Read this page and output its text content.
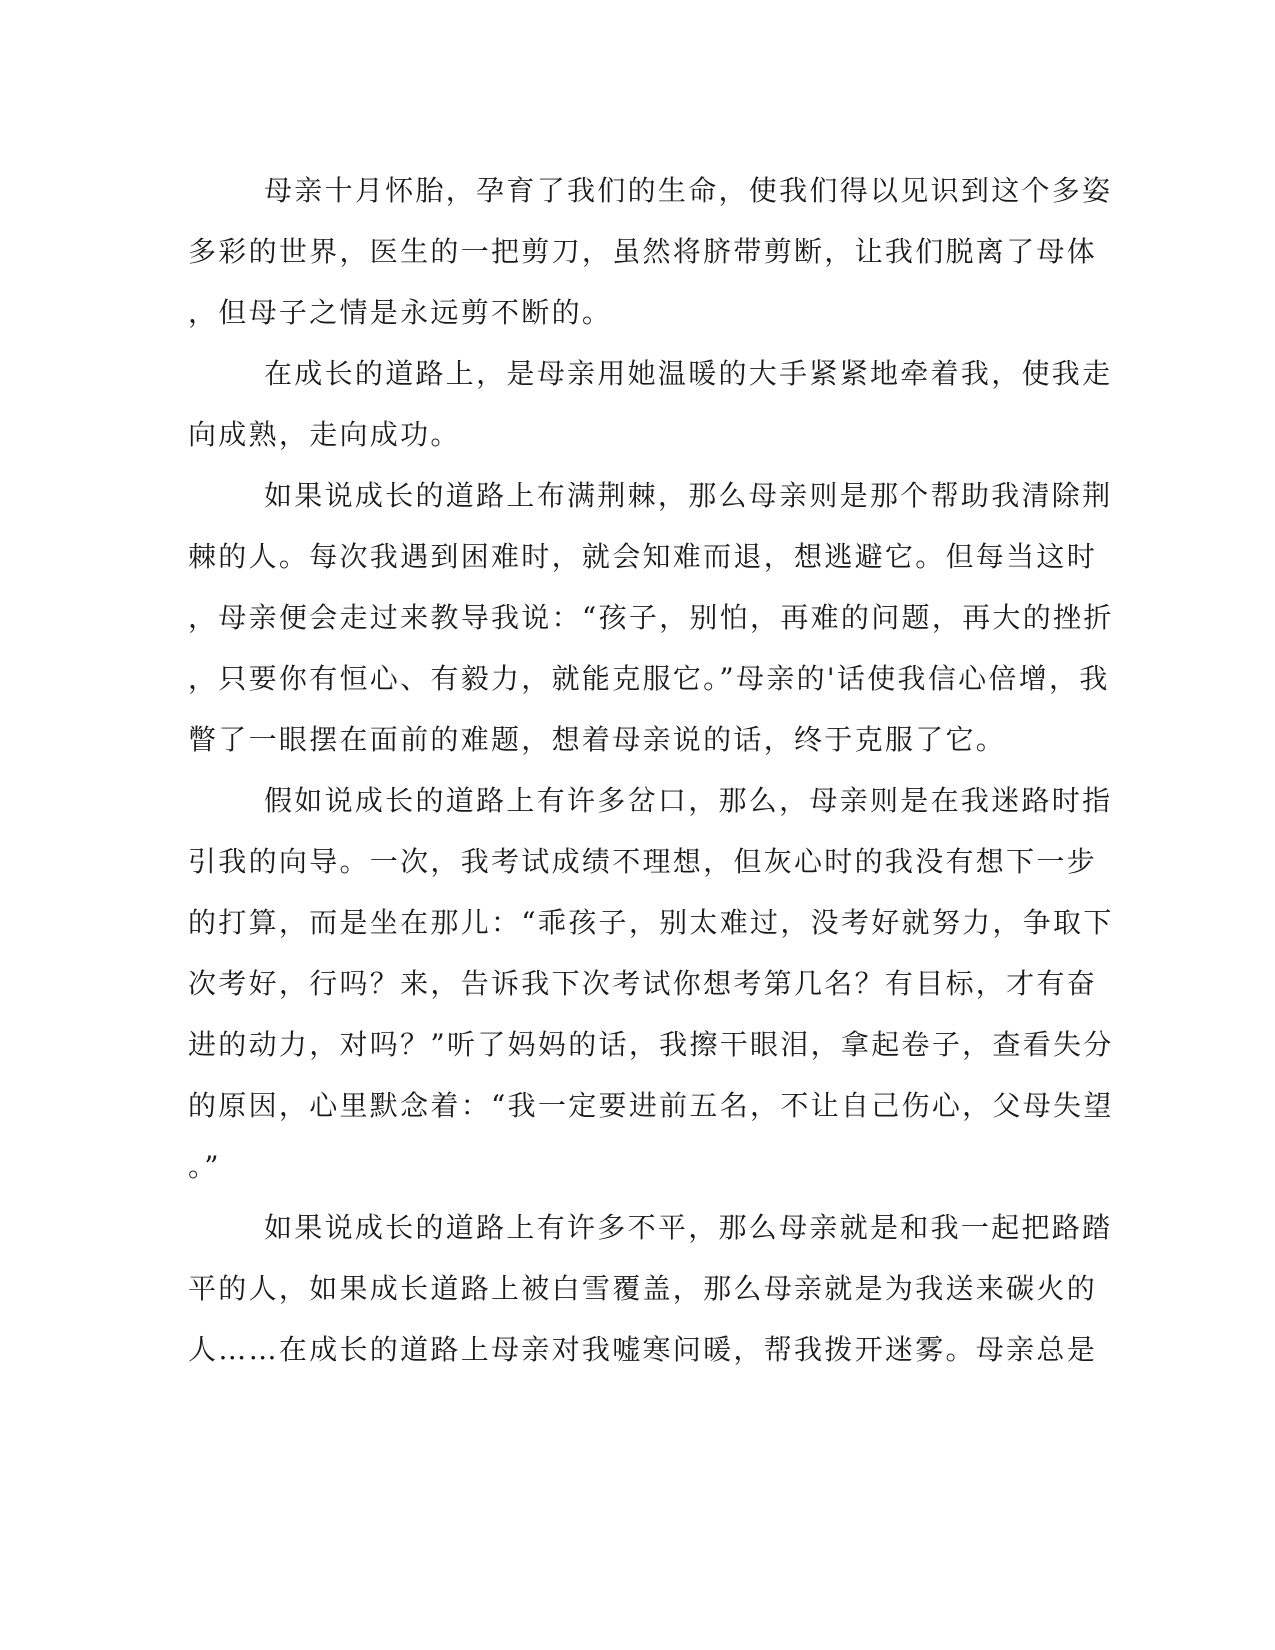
母亲十月怀胎，孕育了我们的生命，使我们得以见识到这个多姿
多彩的世界，医生的一把剪刀，虽然将脐带剪断，让我们脱离了母体
，但母子之情是永远剪不断的。
在成长的道路上，是母亲用她温暖的大手紧紧地牵着我，使我走
向成熟，走向成功。
如果说成长的道路上布满荆棘，那么母亲则是那个帮助我清除荆
棘的人。每次我遇到困难时，就会知难而退，想逃避它。但每当这时
，母亲便会走过来教导我说：“孩子，别怕，再难的问题，再大的挫折
，只要你有恒心、有毅力，就能克服它。”母亲的'话使我信心倍增，我
瞥了一眼摆在面前的难题，想着母亲说的话，终于克服了它。
假如说成长的道路上有许多岔口，那么，母亲则是在我迷路时指
引我的向导。一次，我考试成绩不理想，但灰心时的我没有想下一步
的打算，而是坐在那儿：“乖孩子，别太难过，没考好就努力，争取下
次考好，行吗？来，告诉我下次考试你想考第几名？有目标，才有奋
进的动力，对吗？”听了妈妈的话，我擦干眼泪，拿起卷子，查看失分
的原因，心里默念着：“我一定要进前五名，不让自己伤心，父母失望
。”
如果说成长的道路上有许多不平，那么母亲就是和我一起把路踏
平的人，如果成长道路上被白雪覆盖，那么母亲就是为我送来碳火的
人……在成长的道路上母亲对我嘘寒问暖，帮我拨开迷雾。母亲总是
